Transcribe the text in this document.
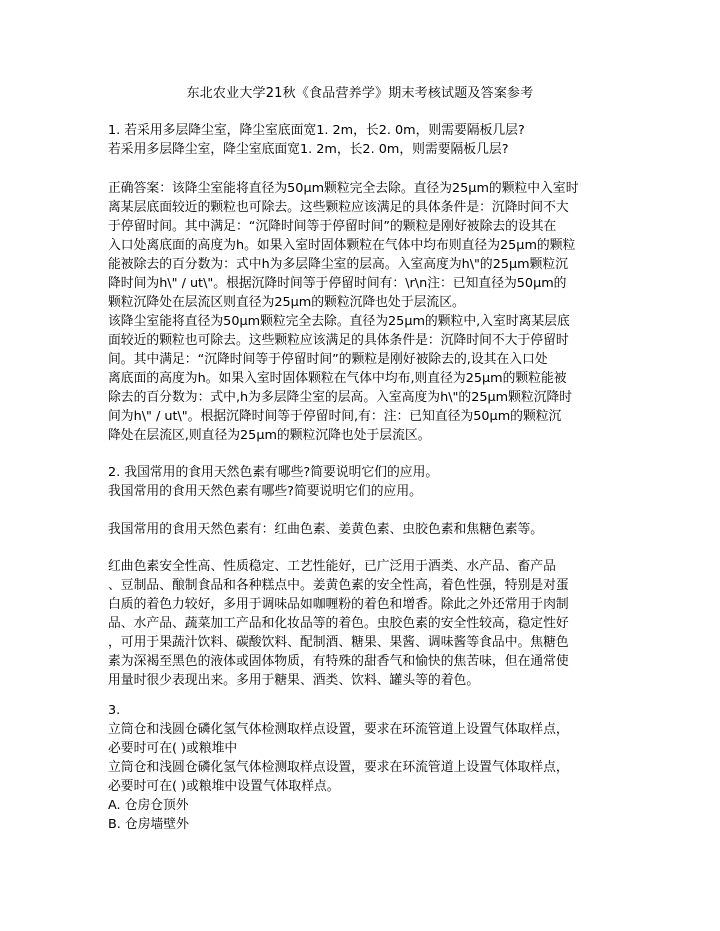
东北农业大学21秋《食品营养学》期末考核试题及答案参考
1. 若采用多层降尘室，降尘室底面宽1. 2m，长2. 0m，则需要隔板几层?
若采用多层降尘室，降尘室底面宽1. 2m，长2. 0m，则需要隔板几层?
正确答案：该降尘室能将直径为50μm颗粒完全去除。直径为25μm的颗粒中入室时
离某层底面较近的颗粒也可除去。这些颗粒应该满足的具体条件是：沉降时间不大
于停留时间。其中满足：“沉降时间等于停留时间”的颗粒是刚好被除去的设其在
入口处离底面的高度为h。如果入室时固体颗粒在气体中均布则直径为25μm的颗粒
能被除去的百分数为：式中h为多层降尘室的层高。入室高度为h\"的25μm颗粒沉
降时间为h\" / ut\"。根据沉降时间等于停留时间有：\r\n注：已知直径为50μm的
颗粒沉降处在层流区则直径为25μm的颗粒沉降也处于层流区。
该降尘室能将直径为50μm颗粒完全去除。直径为25μm的颗粒中,入室时离某层底
面较近的颗粒也可除去。这些颗粒应该满足的具体条件是：沉降时间不大于停留时
间。其中满足：“沉降时间等于停留时间”的颗粒是刚好被除去的,设其在入口处
离底面的高度为h。如果入室时固体颗粒在气体中均布,则直径为25μm的颗粒能被
除去的百分数为：式中,h为多层降尘室的层高。入室高度为h\"的25μm颗粒沉降时
间为h\" / ut\"。根据沉降时间等于停留时间,有：注：已知直径为50μm的颗粒沉
降处在层流区,则直径为25μm的颗粒沉降也处于层流区。
2. 我国常用的食用天然色素有哪些?简要说明它们的应用。
我国常用的食用天然色素有哪些?简要说明它们的应用。
我国常用的食用天然色素有：红曲色素、姜黄色素、虫胶色素和焦糖色素等。
红曲色素安全性高、性质稳定、工艺性能好，已广泛用于酒类、水产品、畜产品
、豆制品、酿制食品和各种糕点中。姜黄色素的安全性高，着色性强，特别是对蛋
白质的着色力较好，多用于调味品如咖喱粉的着色和增香。除此之外还常用于肉制
品、水产品、蔬菜加工产品和化妆品等的着色。虫胶色素的安全性较高，稳定性好
，可用于果蔬汁饮料、碳酸饮料、配制酒、糖果、果酱、调味酱等食品中。焦糖色
素为深褐至黑色的液体或固体物质，有特殊的甜香气和愉快的焦苦味，但在通常使
用量时很少表现出来。多用于糖果、酒类、饮料、罐头等的着色。
3.
立筒仓和浅圆仓磷化氢气体检测取样点设置，要求在环流管道上设置气体取样点，
必要时可在( )或粮堆中
立筒仓和浅圆仓磷化氢气体检测取样点设置，要求在环流管道上设置气体取样点，
必要时可在( )或粮堆中设置气体取样点。
A. 仓房仓顶外
B. 仓房墙壁外
